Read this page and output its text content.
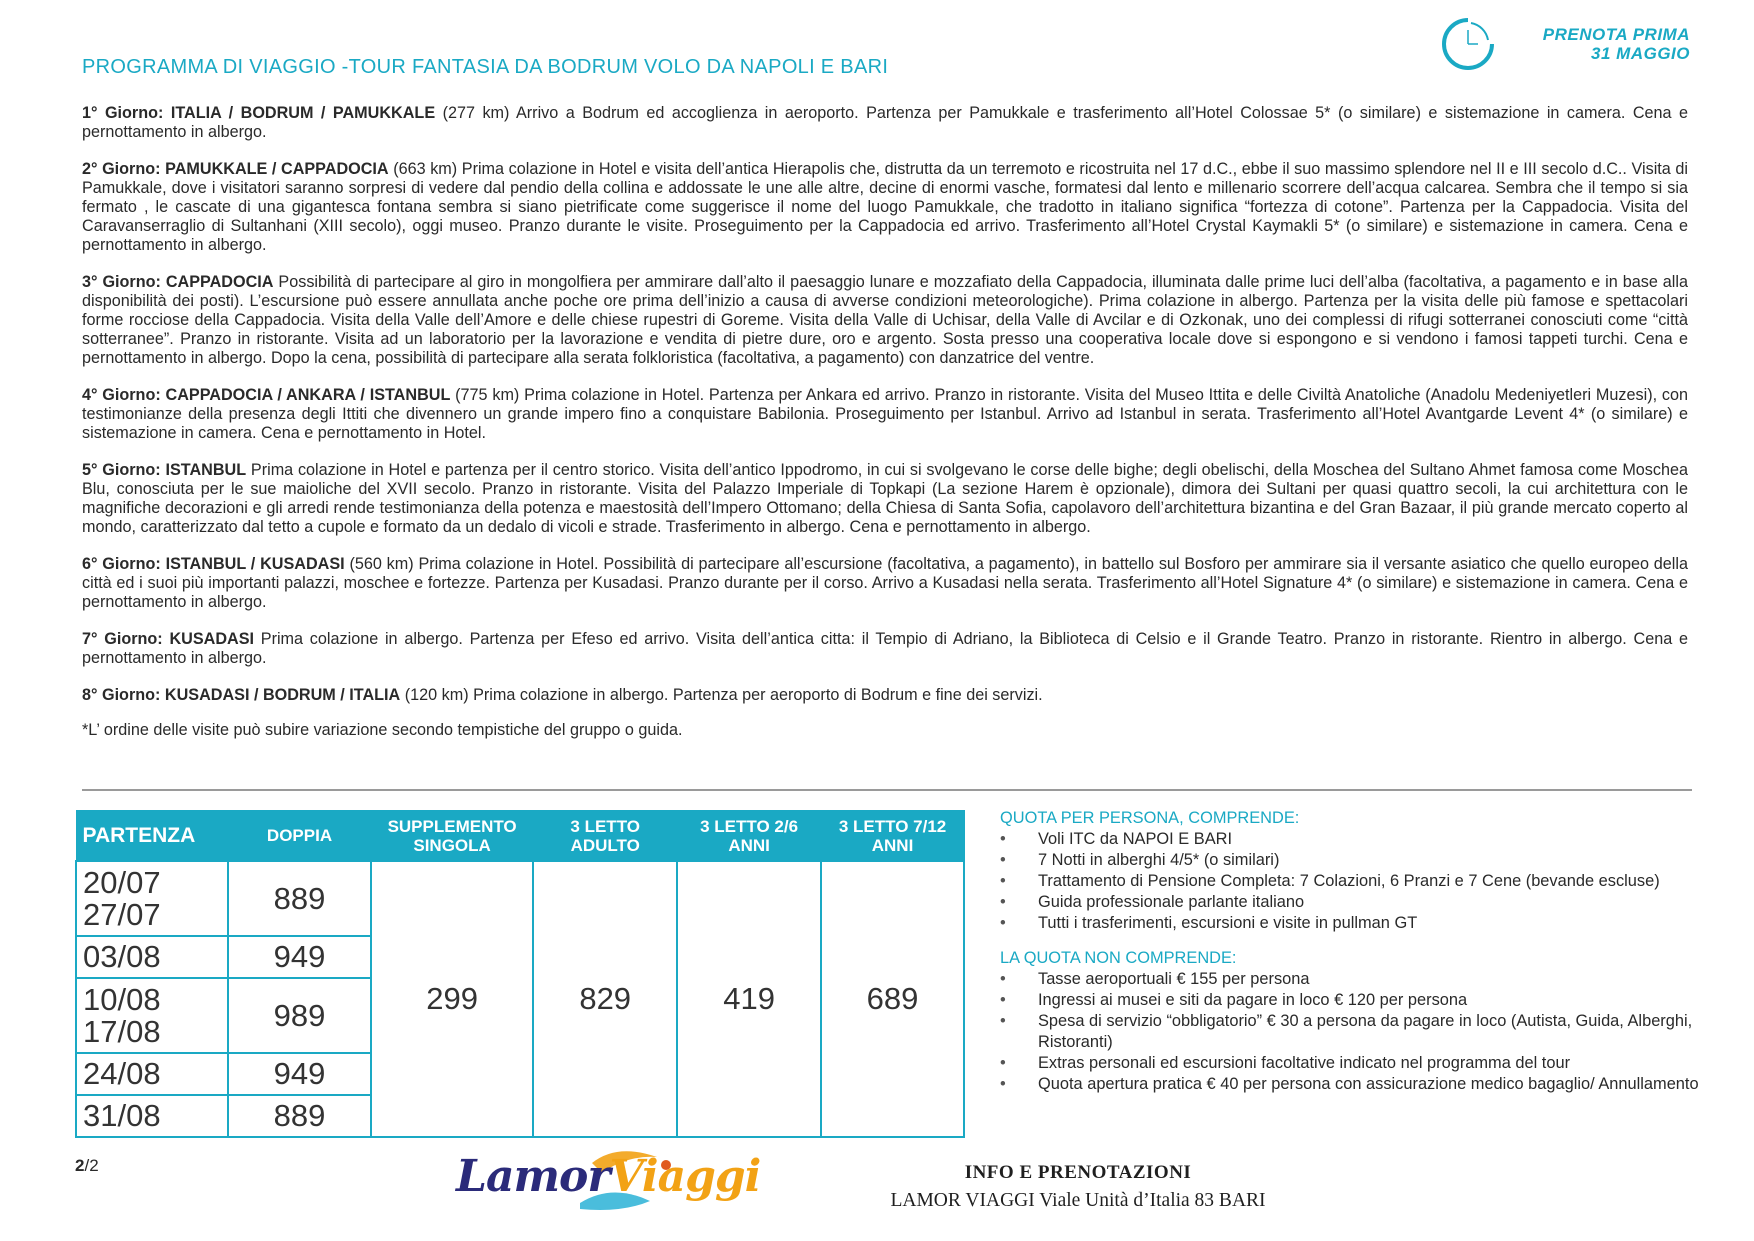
PRENOTA PRIMA
31 MAGGIO
PROGRAMMA DI VIAGGIO -TOUR FANTASIA DA BODRUM VOLO DA NAPOLI E BARI

1° Giorno: ITALIA / BODRUM / PAMUKKALE (277 km) Arrivo a Bodrum ed accoglienza in aeroporto. Partenza per Pamukkale e trasferimento all’Hotel Colossae 5* (o similare) e sistemazione in camera. Cena e pernottamento in albergo.

2° Giorno: PAMUKKALE / CAPPADOCIA (663 km) Prima colazione in Hotel e visita dell’antica Hierapolis che, distrutta da un terremoto e ricostruita nel 17 d.C., ebbe il suo massimo splendore nel II e III secolo d.C.. Visita di Pamukkale, dove i visitatori saranno sorpresi di vedere dal pendio della collina e addossate le une alle altre, decine di enormi vasche, formatesi dal lento e millenario scorrere dell’acqua calcarea. Sembra che il tempo si sia fermato , le cascate di una gigantesca fontana sembra si siano pietrificate come suggerisce il nome del luogo Pamukkale, che tradotto in italiano significa “fortezza di cotone”. Partenza per la Cappadocia. Visita del Caravanserraglio di Sultanhani (XIII secolo), oggi museo. Pranzo durante le visite. Proseguimento per la Cappadocia ed arrivo. Trasferimento all’Hotel Crystal Kaymakli 5* (o similare) e sistemazione in camera. Cena e pernottamento in albergo.

3° Giorno: CAPPADOCIA Possibilità di partecipare al giro in mongolfiera per ammirare dall’alto il paesaggio lunare e mozzafiato della Cappadocia, illuminata dalle prime luci dell’alba (facoltativa, a pagamento e in base alla disponibilità dei posti). L’escursione può essere annullata anche poche ore prima dell’inizio a causa di avverse condizioni meteorologiche). Prima colazione in albergo. Partenza per la visita delle più famose e spettacolari forme rocciose della Cappadocia. Visita della Valle dell’Amore e delle chiese rupestri di Goreme. Visita della Valle di Uchisar, della Valle di Avcilar e di Ozkonak, uno dei complessi di rifugi sotterranei conosciuti come “città sotterranee”. Pranzo in ristorante. Visita ad un laboratorio per la lavorazione e vendita di pietre dure, oro e argento. Sosta presso una cooperativa locale dove si espongono e si vendono i famosi tappeti turchi. Cena e pernottamento in albergo. Dopo la cena, possibilità di partecipare alla serata folkloristica (facoltativa, a pagamento) con danzatrice del ventre.

4° Giorno: CAPPADOCIA / ANKARA / ISTANBUL (775 km) Prima colazione in Hotel. Partenza per Ankara ed arrivo. Pranzo in ristorante. Visita del Museo Ittita e delle Civiltà Anatoliche (Anadolu Medeniyetleri Muzesi), con testimonianze della presenza degli Ittiti che divennero un grande impero fino a conquistare Babilonia. Proseguimento per Istanbul. Arrivo ad Istanbul in serata. Trasferimento all’Hotel Avantgarde Levent 4* (o similare) e sistemazione in camera. Cena e pernottamento in Hotel.

5° Giorno: ISTANBUL Prima colazione in Hotel e partenza per il centro storico. Visita dell’antico Ippodromo, in cui si svolgevano le corse delle bighe; degli obelischi, della Moschea del Sultano Ahmet famosa come Moschea Blu, conosciuta per le sue maioliche del XVII secolo. Pranzo in ristorante. Visita del Palazzo Imperiale di Topkapi (La sezione Harem è opzionale), dimora dei Sultani per quasi quattro secoli, la cui architettura con le magnifiche decorazioni e gli arredi rende testimonianza della potenza e maestosità dell’Impero Ottomano; della Chiesa di Santa Sofia, capolavoro dell’architettura bizantina e del Gran Bazaar, il più grande mercato coperto al mondo, caratterizzato dal tetto a cupole e formato da un dedalo di vicoli e strade. Trasferimento in albergo. Cena e pernottamento in albergo.

6° Giorno: ISTANBUL / KUSADASI (560 km) Prima colazione in Hotel. Possibilità di partecipare all’escursione (facoltativa, a pagamento), in battello sul Bosforo per ammirare sia il versante asiatico che quello europeo della città ed i suoi più importanti palazzi, moschee e fortezze. Partenza per Kusadasi. Pranzo durante per il corso. Arrivo a Kusadasi nella serata. Trasferimento all’Hotel Signature 4* (o similare) e sistemazione in camera. Cena e pernottamento in albergo.

7° Giorno: KUSADASI Prima colazione in albergo. Partenza per Efeso ed arrivo. Visita dell’antica citta: il Tempio di Adriano, la Biblioteca di Celsio e il Grande Teatro. Pranzo in ristorante. Rientro in albergo. Cena e pernottamento in albergo.

8° Giorno: KUSADASI / BODRUM / ITALIA (120 km) Prima colazione in albergo. Partenza per aeroporto di Bodrum e fine dei servizi.

*L’ ordine delle visite può subire variazione secondo tempistiche del gruppo o guida.

PARTENZA	DOPPIA	SUPPLEMENTO SINGOLA	3 LETTO ADULTO	3 LETTO 2/6 ANNI	3 LETTO 7/12 ANNI
20/07 27/07	889	299	829	419	689
03/08	949				
10/08 17/08	989				
24/08	949				
31/08	889				

QUOTA PER PERSONA, COMPRENDE:

• Voli ITC da NAPOI E BARI
• 7 Notti in alberghi 4/5* (o similari)
• Trattamento di Pensione Completa: 7 Colazioni, 6 Pranzi e 7 Cene (bevande escluse)
• Guida professionale parlante italiano
• Tutti i trasferimenti, escursioni e visite in pullman GT

LA QUOTA NON COMPRENDE:

• Tasse aeroportuali € 155 per persona
• Ingressi ai musei e siti da pagare in loco € 120 per persona
• Spesa di servizio “obbligatorio” € 30 a persona da pagare in loco (Autista, Guida, Alberghi, Ristoranti)
• Extras personali ed escursioni facoltative indicato nel programma del tour
• Quota apertura pratica € 40 per persona con assicurazione medico bagaglio/ Annullamento
2/2	LamorViaggi	INFO E PRENOTAZIONI
LAMOR VIAGGI Viale Unità d’Italia 83 BARI
